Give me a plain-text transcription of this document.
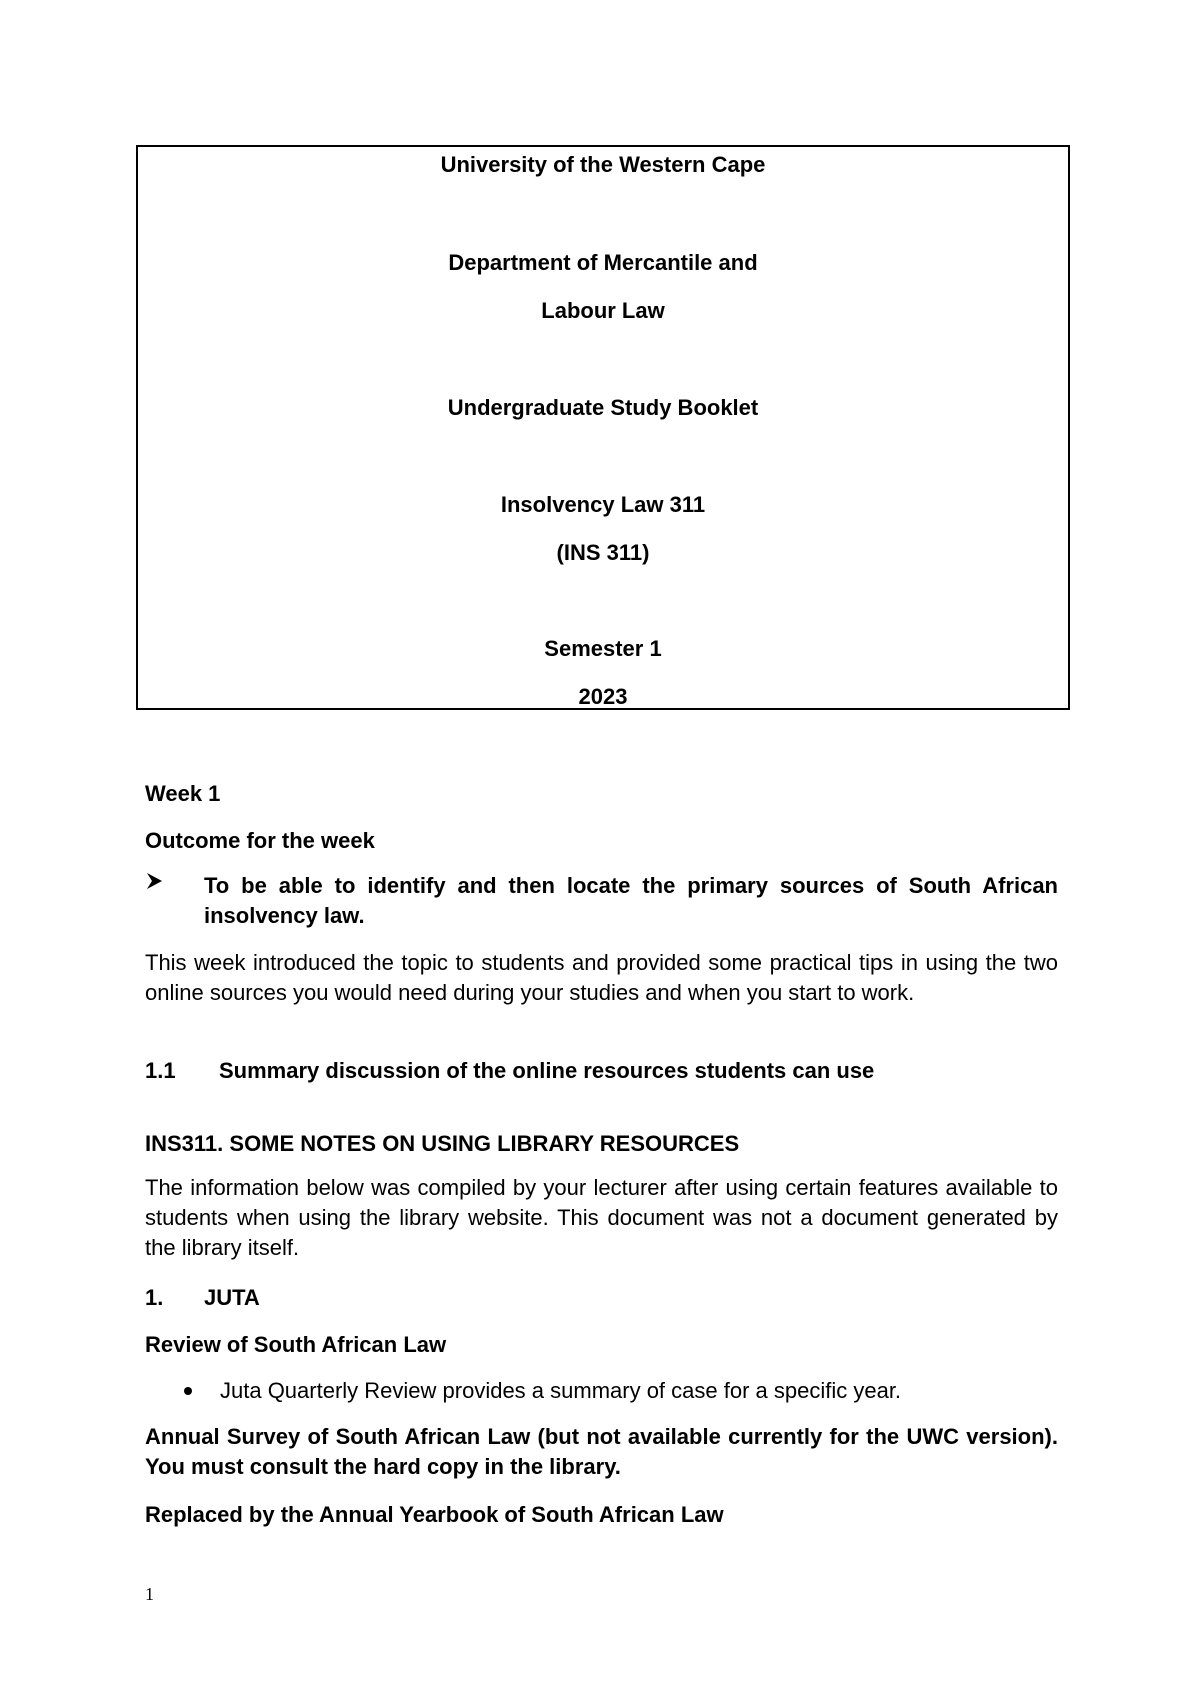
University of the Western Cape
Department of Mercantile and
Labour Law
Undergraduate Study Booklet
Insolvency Law 311
(INS 311)
Semester 1
2023
Week 1
Outcome for the week
To be able to identify and then locate the primary sources of South African insolvency law.
This week introduced the topic to students and provided some practical tips in using the two online sources you would need during your studies and when you start to work.
1.1 Summary discussion of the online resources students can use
INS311. SOME NOTES ON USING LIBRARY RESOURCES
The information below was compiled by your lecturer after using certain features available to students when using the library website. This document was not a document generated by the library itself.
1. JUTA
Review of South African Law
Juta Quarterly Review provides a summary of case for a specific year.
Annual Survey of South African Law (but not available currently for the UWC version). You must consult the hard copy in the library.
Replaced by the Annual Yearbook of South African Law
1
